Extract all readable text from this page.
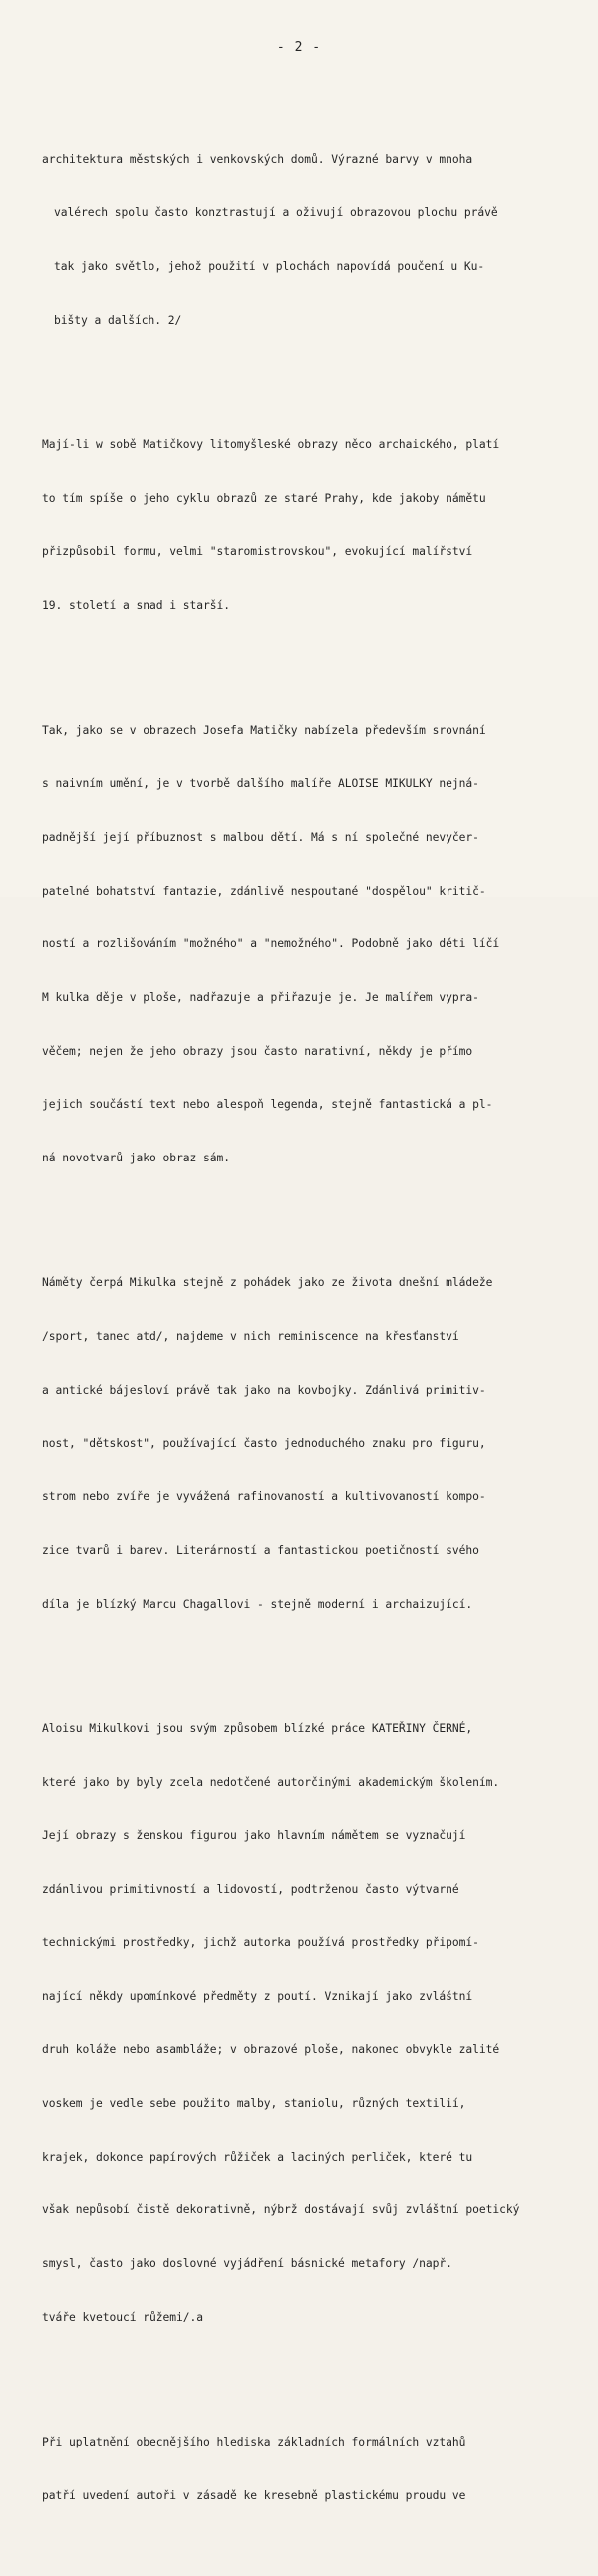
- 2 -

architektura městských i venkovských domů. Výrazné barvy v mnoha

valérech spolu často konztrastují a oživují obrazovou plochu právě

tak jako světlo, jehož použití v plochách napovídá poučení u Ku-

bišty a dalších. 2/

Mají-li w sobě Matičkovy litomyšleské obrazy něco archaického, platí

to tím spíše o jeho cyklu obrazů ze staré Prahy, kde jakoby námětu

přizpůsobil formu, velmi "staromistrovskou", evokující malířství

19. století a snad i starší.

Tak, jako se v obrazech Josefa Matičky nabízela především srovnání

s naivním umění, je v tvorbě dalšího malíře ALOISE MIKULKY nejná-

padnější její příbuznost s malbou dětí. Má s ní společné nevyčer-

patelné bohatství fantazie, zdánlivě nespoutané "dospělou" kritič-

ností a rozlišováním "možného" a "nemožného". Podobně jako děti líčí

M kulka děje v ploše, nadřazuje a přiřazuje je. Je malířem vypra-

věčem; nejen že jeho obrazy jsou často narativní, někdy je přímo

jejich součástí text nebo alespoň legenda, stejně fantastická a pl-

ná novotvarů jako obraz sám.

Náměty čerpá Mikulka stejně z pohádek jako ze života dnešní mládeže

/sport, tanec atd/, najdeme v nich reminiscence na křesťanství

a antické bájesloví právě tak jako na kovbojky. Zdánlivá primitiv-

nost, "dětskost", používající často jednoduchého znaku pro figuru,

strom nebo zvíře je vyvážená rafinovaností a kultivovaností kompo-

zice tvarů i barev. Literárností a fantastickou poetičností svého

díla je blízký Marcu Chagallovi - stejně moderní i archaizující.

Aloisu Mikulkovi jsou svým způsobem blízké práce KATEŘINY ČERNÉ,

které jako by byly zcela nedotčené autorčinými akademickým školením.

Její obrazy s ženskou figurou jako hlavním námětem se vyznačují

zdánlivou primitivností a lidovostí, podtrženou často výtvarné

technickými prostředky, jichž autorka používá prostředky připomí-

nající někdy upomínkové předměty z poutí. Vznikají jako zvláštní

druh koláže nebo asambláže; v obrazové ploše, nakonec obvykle zalité

voskem je vedle sebe použito malby, staniolu, různých textilií,

krajek, dokonce papírových růžiček a laciných perliček, které tu

však nepůsobí čistě dekorativně, nýbrž dostávají svůj zvláštní poetický

smysl, často jako doslovné vyjádření básnické metafory /např.

tváře kvetoucí růžemi/.a

Při uplatnění obecnějšího hlediska základních formálních vztahů

patří uvedení autoři v zásadě ke kresebně plastickému proudu ve
